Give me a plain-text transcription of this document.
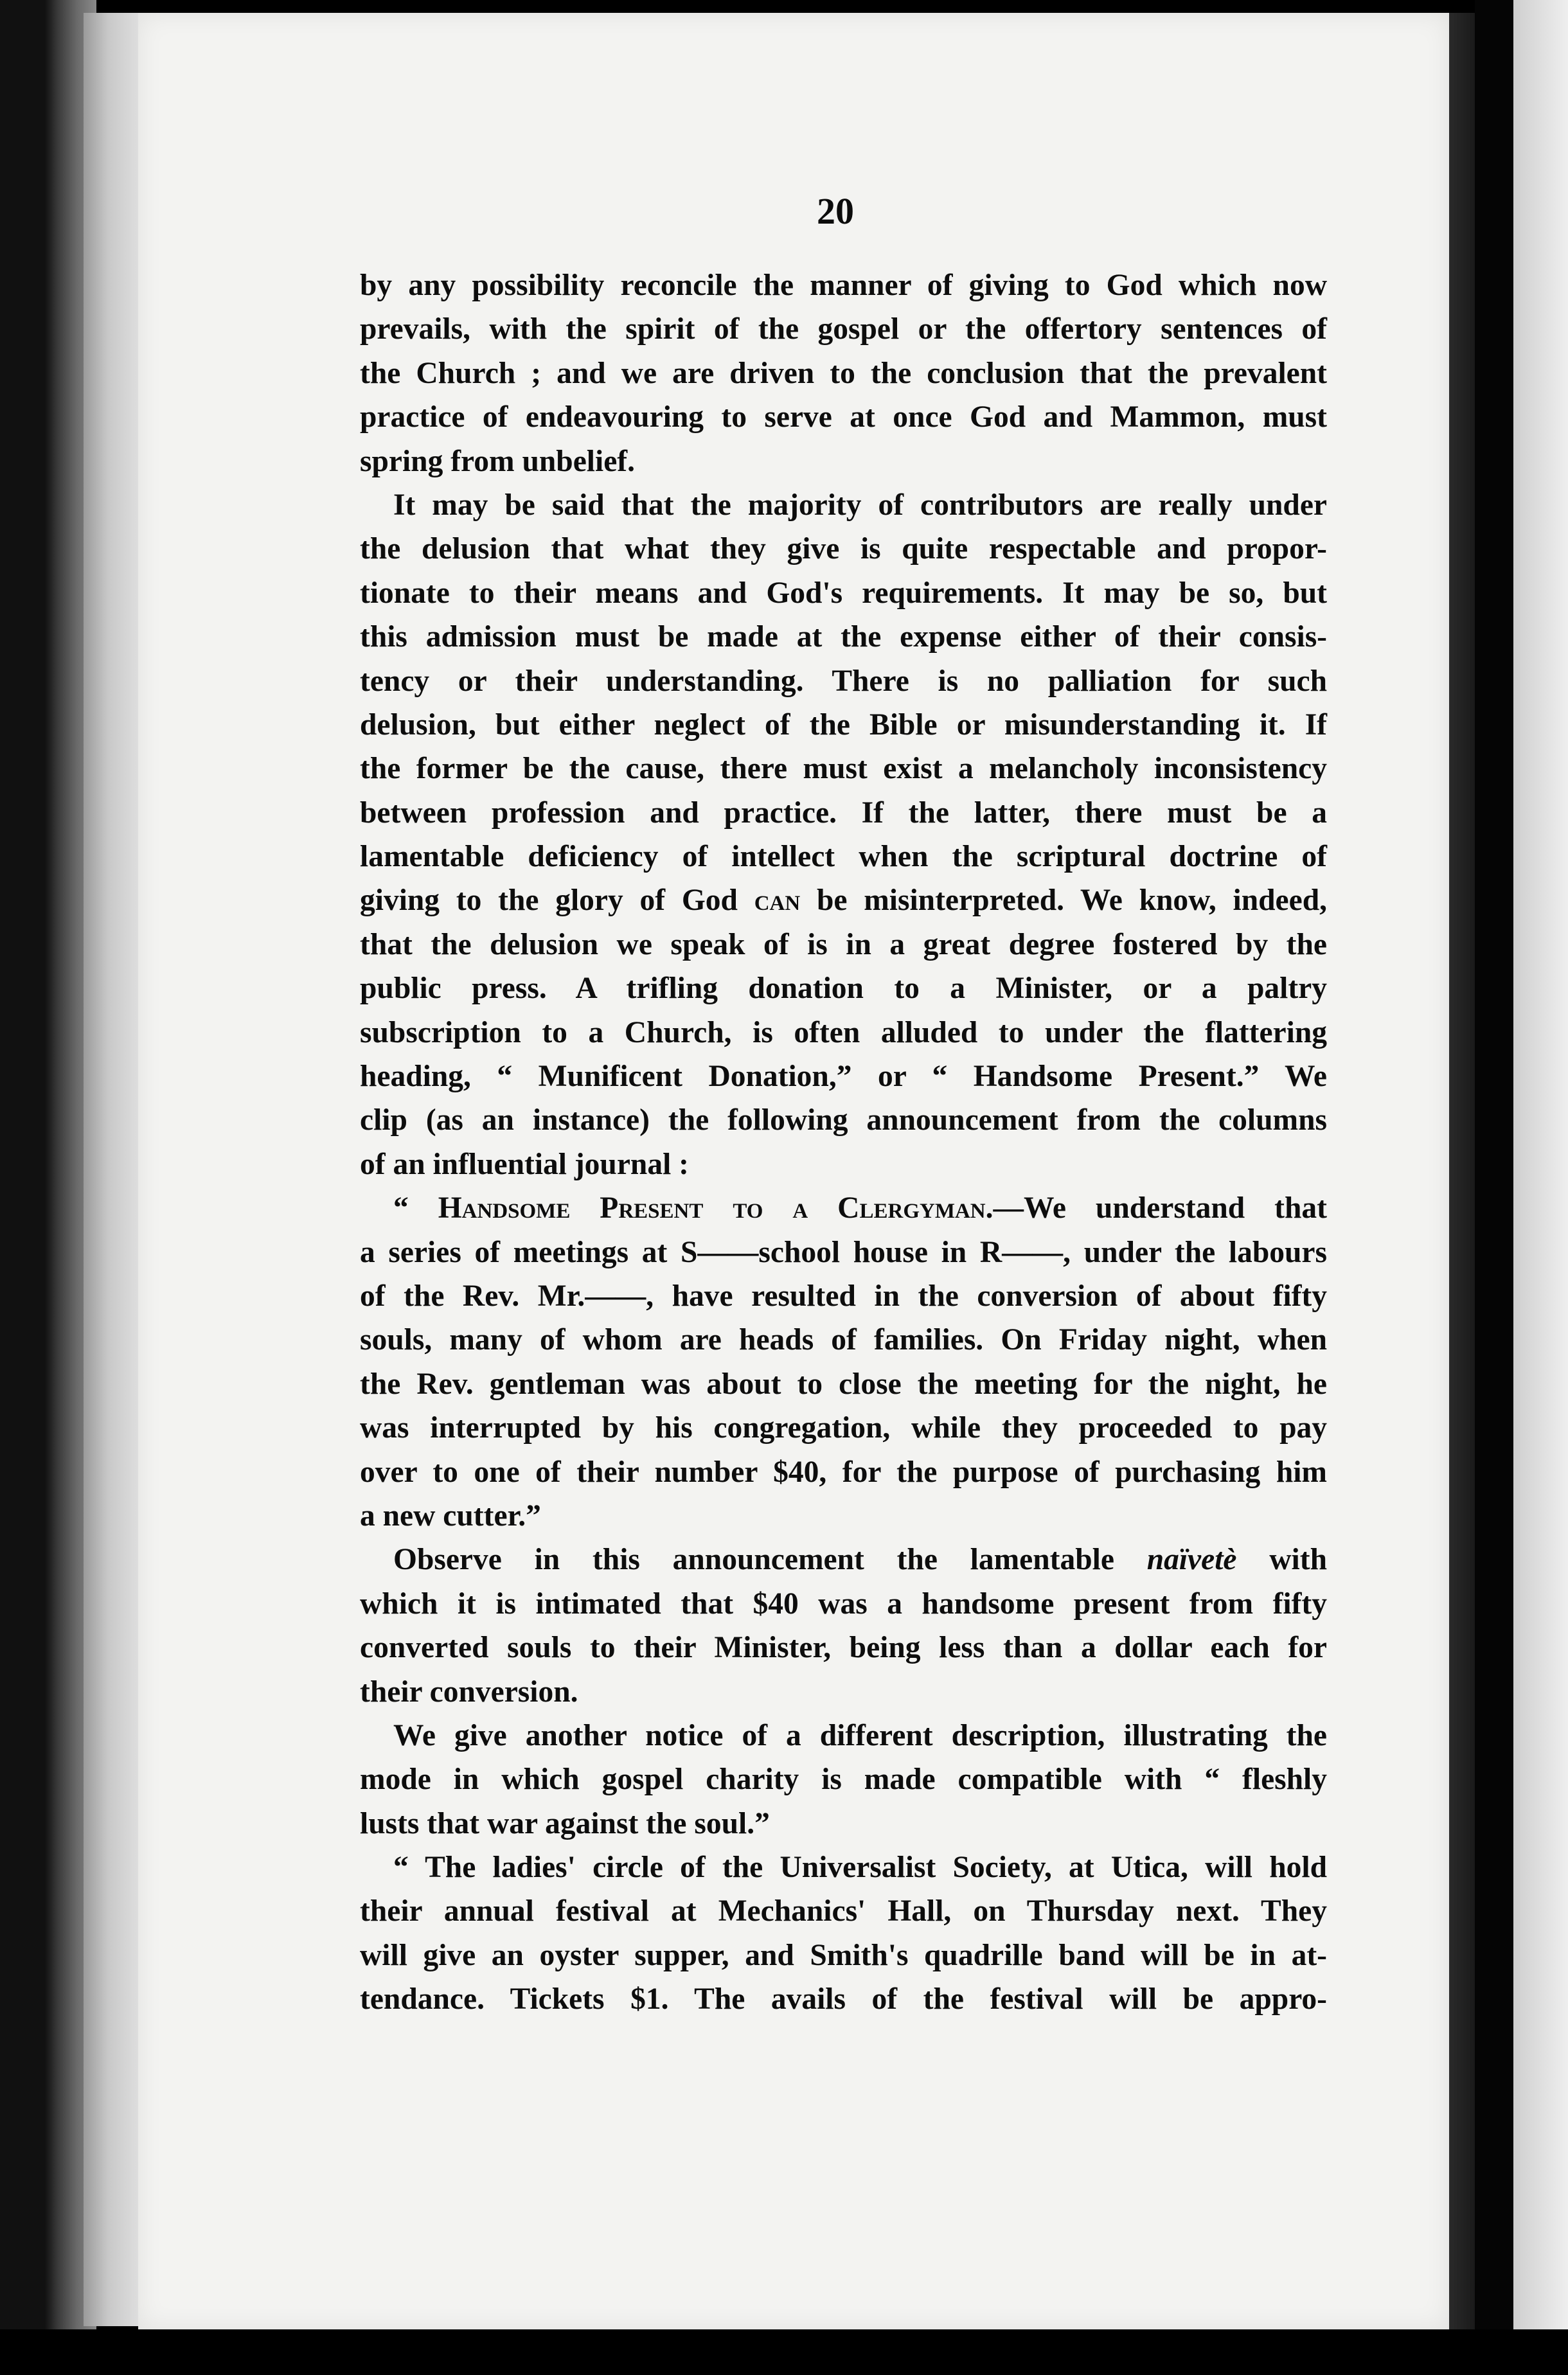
20
by any possibility reconcile the manner of giving to God which now
prevails, with the spirit of the gospel or the offertory sentences of
the Church ; and we are driven to the conclusion that the prevalent
practice of endeavouring to serve at once God and Mammon, must
spring from unbelief.
It may be said that the majority of contributors are really under
the delusion that what they give is quite respectable and propor-
tionate to their means and God's requirements. It may be so, but
this admission must be made at the expense either of their consis-
tency or their understanding. There is no palliation for such
delusion, but either neglect of the Bible or misunderstanding it. If
the former be the cause, there must exist a melancholy inconsistency
between profession and practice. If the latter, there must be a
lamentable deficiency of intellect when the scriptural doctrine of
giving to the glory of God can be misinterpreted. We know, indeed,
that the delusion we speak of is in a great degree fostered by the
public press. A trifling donation to a Minister, or a paltry
subscription to a Church, is often alluded to under the flattering
heading, “ Munificent Donation,” or “ Handsome Present.” We
clip (as an instance) the following announcement from the columns
of an influential journal :
“ Handsome Present to a Clergyman.—We understand that
a series of meetings at S——school house in R——, under the labours
of the Rev. Mr.——, have resulted in the conversion of about fifty
souls, many of whom are heads of families. On Friday night, when
the Rev. gentleman was about to close the meeting for the night, he
was interrupted by his congregation, while they proceeded to pay
over to one of their number $40, for the purpose of purchasing him
a new cutter.”
Observe in this announcement the lamentable naïvetè with
which it is intimated that $40 was a handsome present from fifty
converted souls to their Minister, being less than a dollar each for
their conversion.
We give another notice of a different description, illustrating the
mode in which gospel charity is made compatible with “ fleshly
lusts that war against the soul.”
“ The ladies' circle of the Universalist Society, at Utica, will hold
their annual festival at Mechanics' Hall, on Thursday next. They
will give an oyster supper, and Smith's quadrille band will be in at-
tendance. Tickets $1. The avails of the festival will be appro-
